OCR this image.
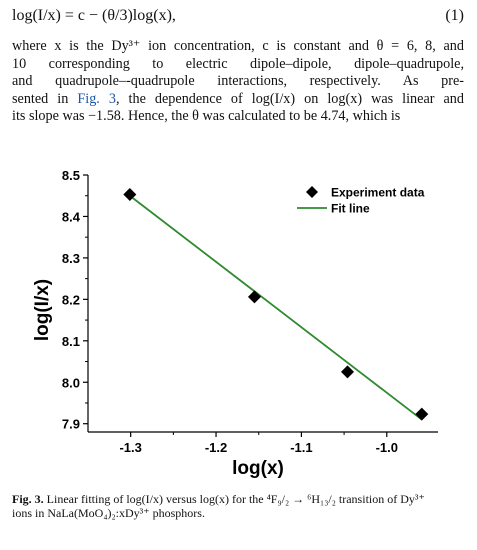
log(I/x) = c − (θ/3)log(x),	(1)
where x is the Dy³⁺ ion concentration, c is constant and θ = 6, 8, and
10 corresponding to electric dipole–dipole, dipole–quadrupole,
and quadrupole–-quadrupole interactions, respectively. As pre-
sented in Fig. 3, the dependence of log(I/x) on log(x) was linear and
its slope was −1.58. Hence, the θ was calculated to be 4.74, which is
7.9
8.0
8.1
8.2
8.3
8.4
8.5
-1.3	-1.2	-1.1	-1.0
log(x)
log(I/x)
Experiment data
Fit line
Fig. 3. Linear fitting of log(I/x) versus log(x) for the ⁴F₉/₂ → ⁶H₁₃/₂ transition of Dy³⁺
ions in NaLa(MoO₄)₂:xDy³⁺ phosphors.
